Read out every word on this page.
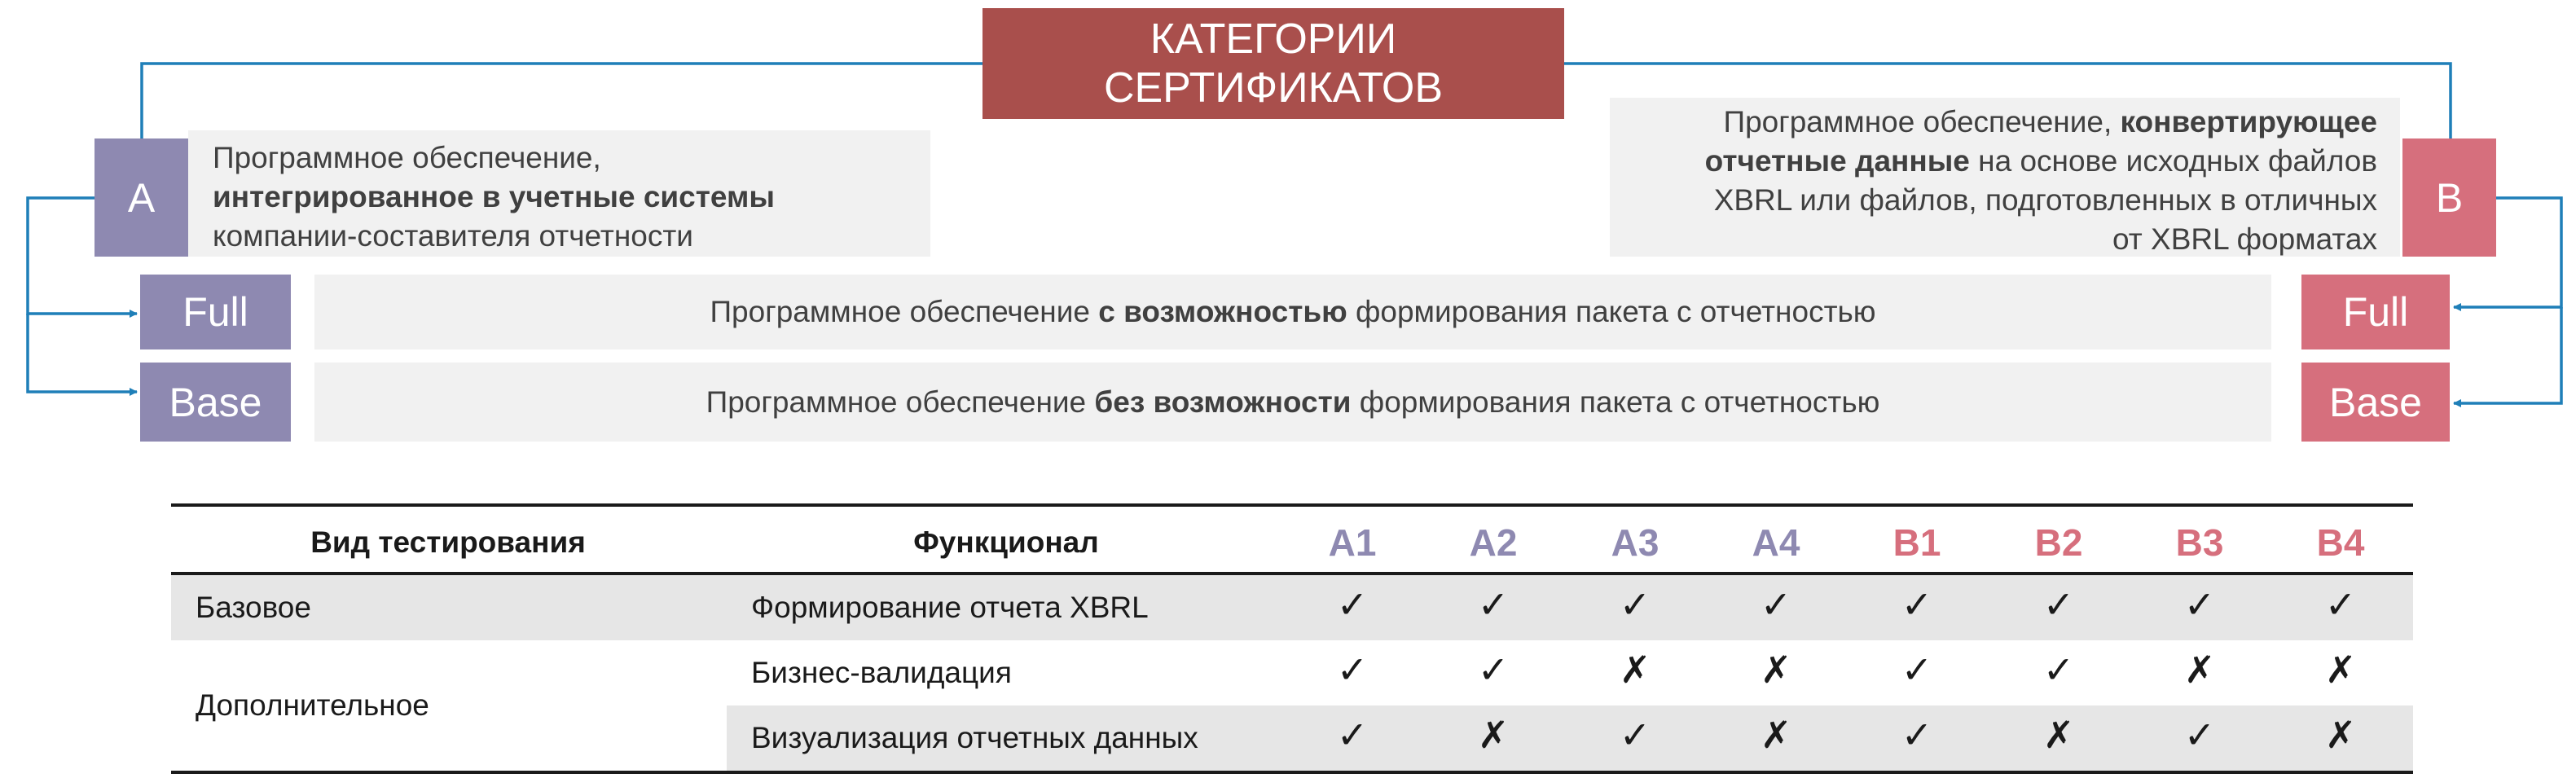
КАТЕГОРИИ
СЕРТИФИКАТОВ
A
Программное обеспечение,
интегрированное в учетные системы
компании-составителя отчетности
Программное обеспечение, конвертирующее
отчетные данные на основе исходных файлов
XBRL или файлов, подготовленных в отличных
от XBRL форматах
B
Full	Программное обеспечение с возможностью формирования пакета с отчетностью	Full
Base	Программное обеспечение без возможности формирования пакета с отчетностью	Base
Вид тестирования	Функционал	A1	A2	A3	A4	B1	B2	B3	B4
Базовое	Формирование отчета XBRL	✓	✓	✓	✓	✓	✓	✓	✓
Дополнительное
Бизнес-валидация	✓	✓	✗	✗	✓	✓	✗	✗
Визуализация отчетных данных	✓	✗	✓	✗	✓	✗	✓	✗
